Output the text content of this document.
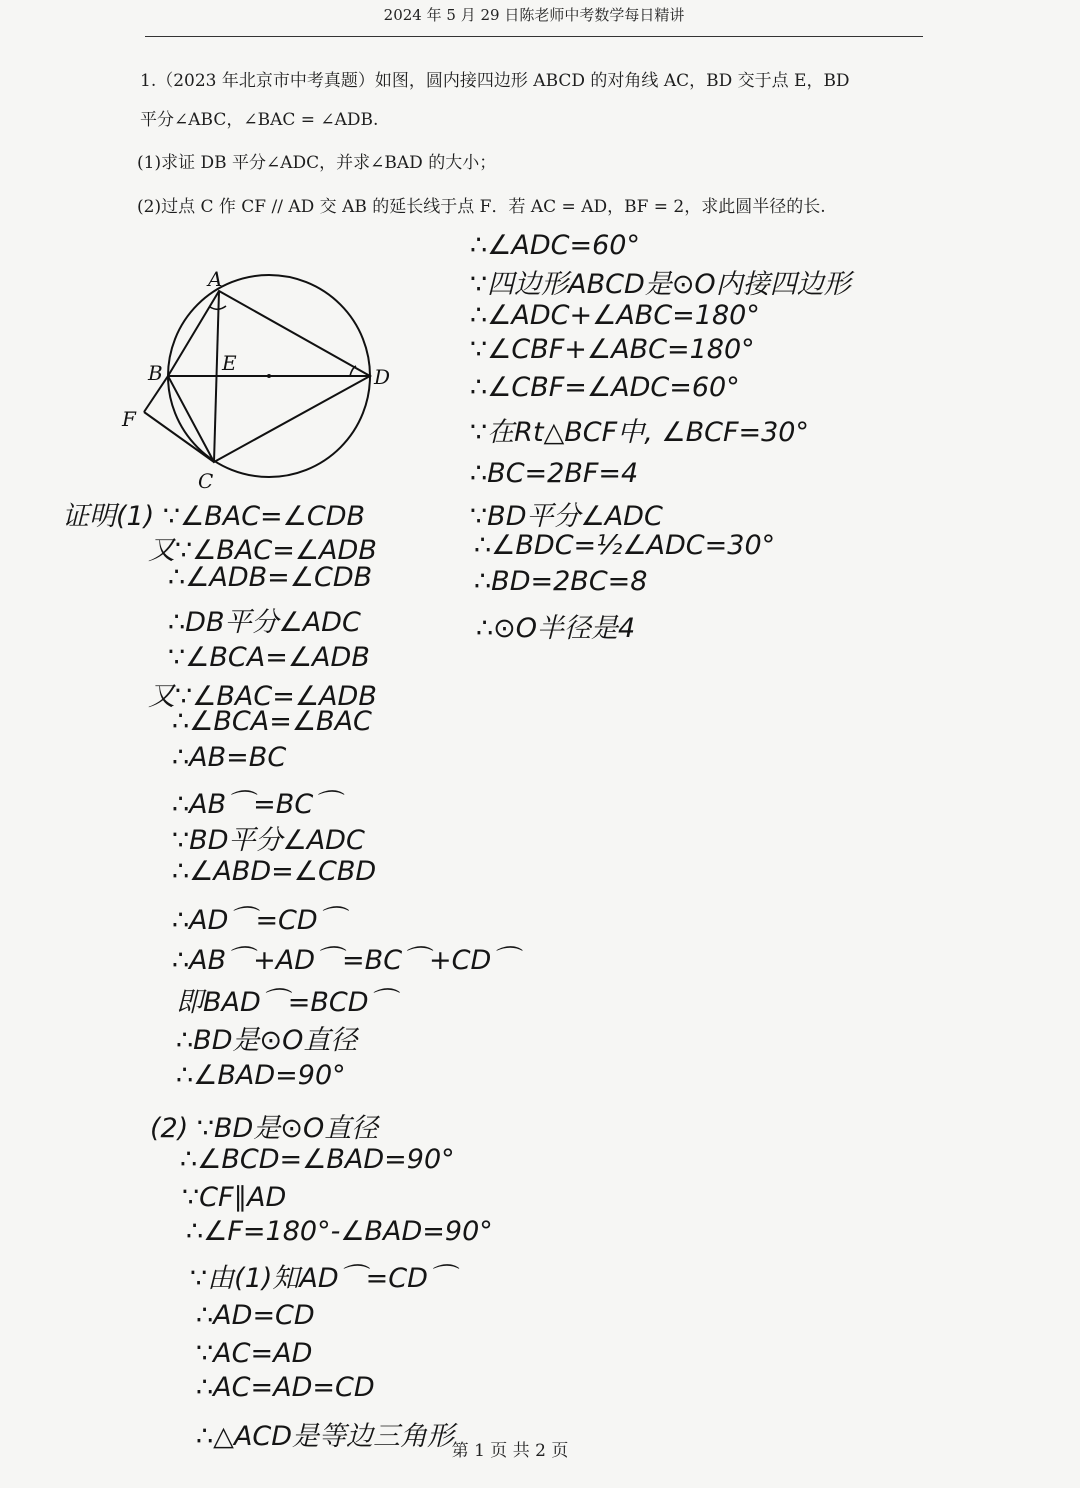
2024 年 5 月 29 日陈老师中考数学每日精讲
1.（2023 年北京市中考真题）如图，圆内接四边形 ABCD 的对角线 AC，BD 交于点 E，BD
平分∠ABC，∠BAC = ∠ADB.
(1)求证 DB 平分∠ADC，并求∠BAD 的大小；
(2)过点 C 作 CF // AD 交 AB 的延长线于点 F．若 AC = AD，BF = 2，求此圆半径的长.
A
B
C
D
E
F
证明(1) ∵∠BAC=∠CDB
又∵∠BAC=∠ADB
∴∠ADB=∠CDB
∴DB平分∠ADC
∵∠BCA=∠ADB
又∵∠BAC=∠ADB
∴∠BCA=∠BAC
∴AB=BC
∴AB⌒=BC⌒
∵BD平分∠ADC
∴∠ABD=∠CBD
∴AD⌒=CD⌒
∴AB⌒+AD⌒=BC⌒+CD⌒
即BAD⌒=BCD⌒
∴BD是⊙O直径
∴∠BAD=90°
(2) ∵BD是⊙O直径
∴∠BCD=∠BAD=90°
∵CF∥AD
∴∠F=180°-∠BAD=90°
∵由(1)知AD⌒=CD⌒
∴AD=CD
∵AC=AD
∴AC=AD=CD
∴△ACD是等边三角形
∴∠ADC=60°
∵四边形ABCD是⊙O内接四边形
∴∠ADC+∠ABC=180°
∵∠CBF+∠ABC=180°
∴∠CBF=∠ADC=60°
∵在Rt△BCF中, ∠BCF=30°
∴BC=2BF=4
∵BD平分∠ADC
∴∠BDC=½∠ADC=30°
∴BD=2BC=8
∴⊙O半径是4
第 1 页 共 2 页
